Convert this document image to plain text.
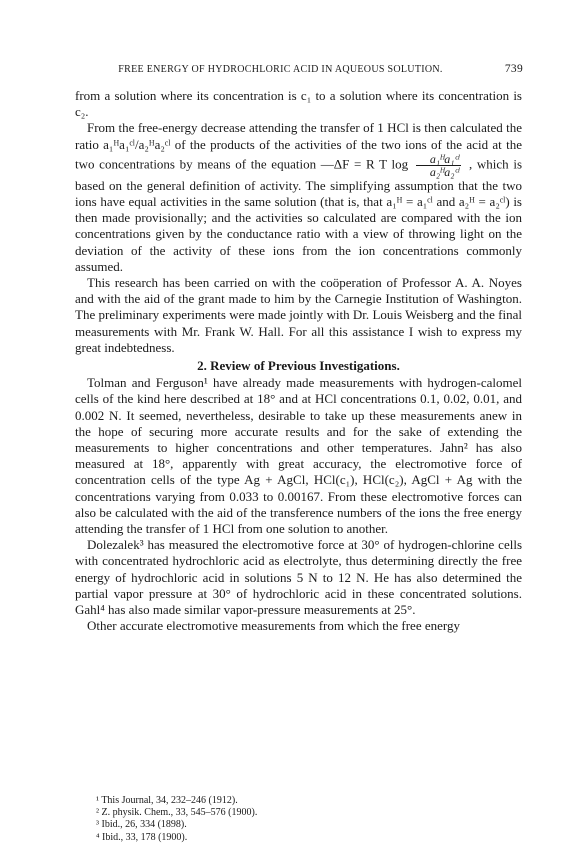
FREE ENERGY OF HYDROCHLORIC ACID IN AQUEOUS SOLUTION.	739

from a solution where its concentration is c₁ to a solution where its concentration is c₂.

From the free-energy decrease attending the transfer of 1 HCl is then calculated the ratio a₁ᴴa₁ᶜˡ/a₂ᴴa₂ᶜˡ of the products of the activities of the two ions of the acid at the two concentrations by means of the equation —ΔF = R T $\log \frac{\text{a₁ᴴa₁ᶜˡ}}{\text{a₂ᴴa₂ᶜˡ}}$ , which is based on the general definition of activity. The simplifying assumption that the two ions have equal activities in the same solution (that is, that a₁ᴴ = a₁ᶜˡ and a₂ᴴ = a₂ᶜˡ) is then made provisionally; and the activities so calculated are compared with the ion concentrations given by the conductance ratio with a view of throwing light on the deviation of the activity of these ions from the ion concentrations commonly assumed.

This research has been carried on with the coöperation of Professor A. A. Noyes and with the aid of the grant made to him by the Carnegie Institution of Washington. The preliminary experiments were made jointly with Dr. Louis Weisberg and the final measurements with Mr. Frank W. Hall. For all this assistance I wish to express my great indebtedness.

2. Review of Previous Investigations.

Tolman and Ferguson¹ have already made measurements with hydrogen-calomel cells of the kind here described at 18° and at HCl concentrations 0.1, 0.02, 0.01, and 0.002 N. It seemed, nevertheless, desirable to take up these measurements anew in the hope of securing more accurate results and for the sake of extending the measurements to higher concentrations and other temperatures. Jahn² has also measured at 18°, apparently with great accuracy, the electromotive force of concentration cells of the type Ag + AgCl, HCl(c₁), HCl(c₂), AgCl + Ag with the concentrations varying from 0.033 to 0.00167. From these electromotive forces can also be calculated with the aid of the transference numbers of the ions the free energy attending the transfer of 1 HCl from one solution to another.

Dolezalek³ has measured the electromotive force at 30° of hydrogen-chlorine cells with concentrated hydrochloric acid as electrolyte, thus determining directly the free energy of hydrochloric acid in solutions 5 N to 12 N. He has also determined the partial vapor pressure at 30° of hydrochloric acid in these concentrated solutions. Gahl⁴ has also made similar vapor-pressure measurements at 25°.

Other accurate electromotive measurements from which the free energy

¹ This Journal, 34, 232–246 (1912).
² Z. physik. Chem., 33, 545–576 (1900).
³ Ibid., 26, 334 (1898).
⁴ Ibid., 33, 178 (1900).
